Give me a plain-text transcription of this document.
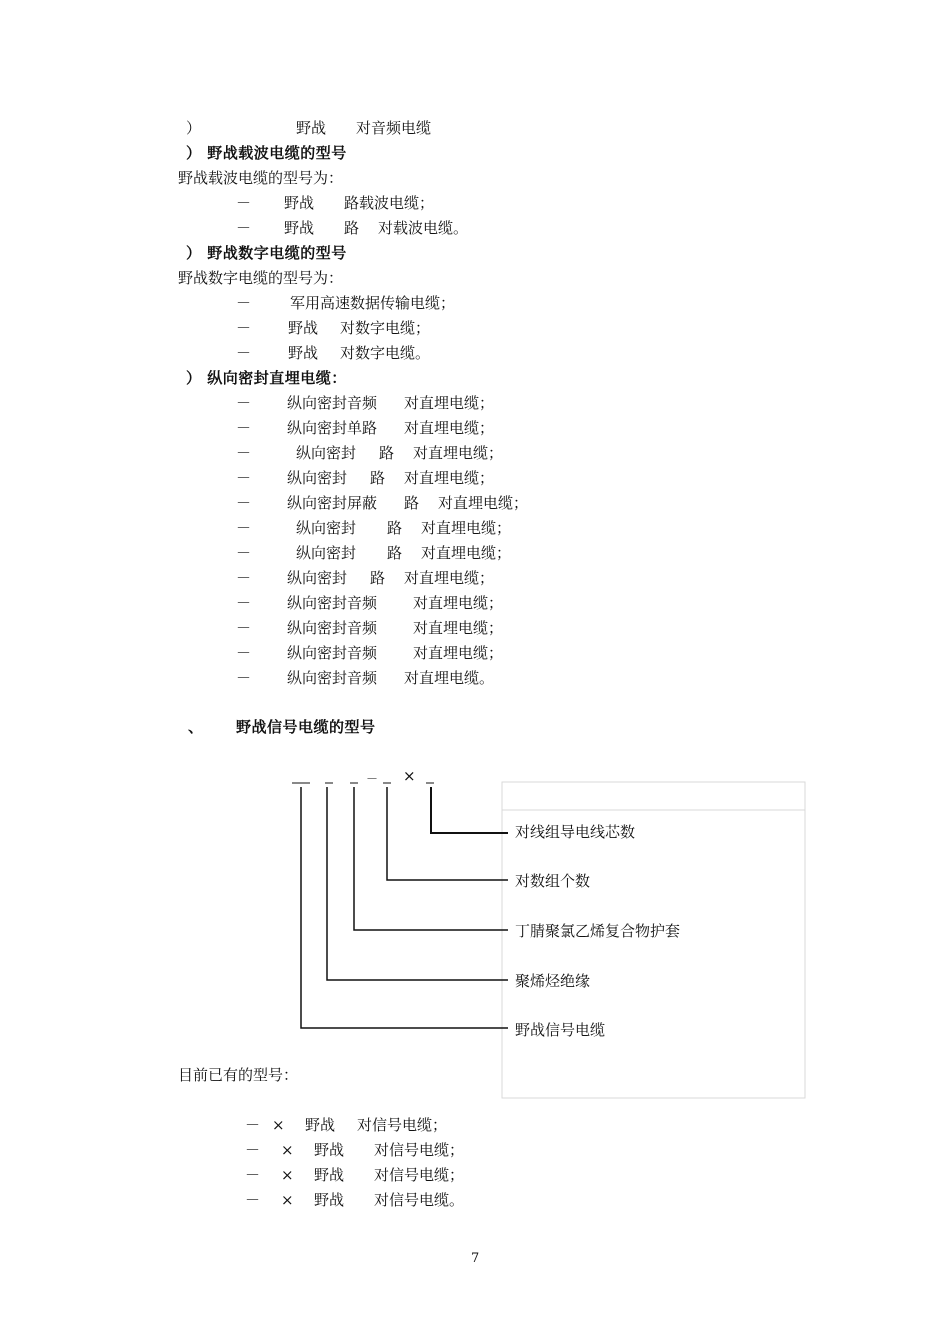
）	野战 对音频电缆
） 野战载波电缆的型号
野战载波电缆的型号为：
－ 野战 路载波电缆；
－ 野战 路 对载波电缆。
） 野战数字电缆的型号
野战数字电缆的型号为：
－	军用高速数据传输电缆；
－ 野战 对数字电缆；
－ 野战 对数字电缆。
） 纵向密封直埋电缆：
－ 纵向密封音频 对直埋电缆；
－ 纵向密封单路 对直埋电缆；
－	纵向密封 路 对直埋电缆；
－ 纵向密封 路 对直埋电缆；
－ 纵向密封屏蔽 路 对直埋电缆；
－	纵向密封 路 对直埋电缆；
－	纵向密封 路 对直埋电缆；
－ 纵向密封 路 对直埋电缆；
－ 纵向密封音频 对直埋电缆；
－ 纵向密封音频 对直埋电缆；
－ 纵向密封音频 对直埋电缆；
－ 纵向密封音频 对直埋电缆。
、 野战信号电缆的型号
－ ×
对线组导电线芯数
对数组个数
丁腈聚氯乙烯复合物护套
聚烯烃绝缘
野战信号电缆
目前已有的型号：
－ × 野战 对信号电缆；
－ × 野战 对信号电缆；
－ × 野战 对信号电缆；
－ × 野战 对信号电缆。
7
